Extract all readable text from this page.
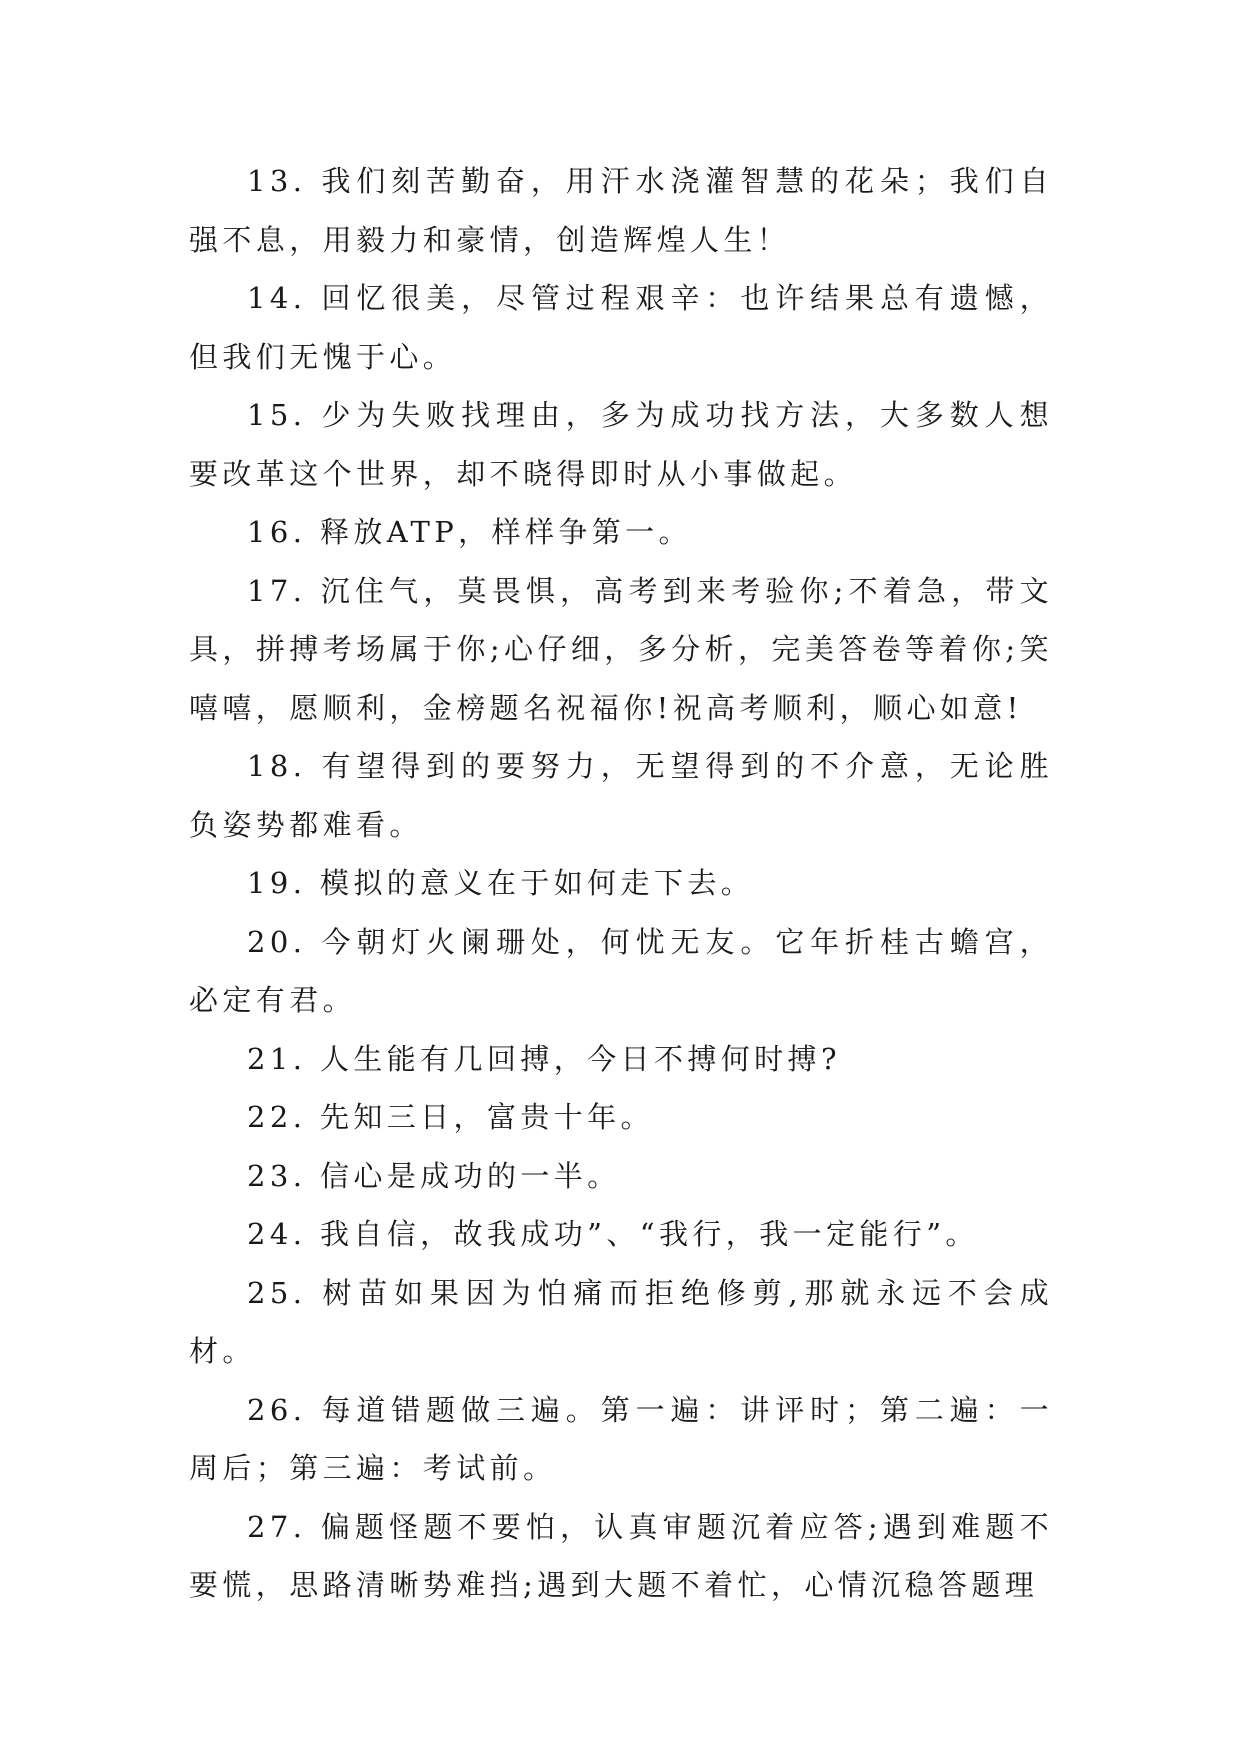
13. 我们刻苦勤奋，用汗水浇灌智慧的花朵；我们自强不息，用毅力和豪情，创造辉煌人生！

14. 回忆很美，尽管过程艰辛：也许结果总有遗憾，但我们无愧于心。

15. 少为失败找理由，多为成功找方法，大多数人想要改革这个世界，却不晓得即时从小事做起。

16. 释放ATP，样样争第一。

17. 沉住气，莫畏惧，高考到来考验你;不着急，带文具，拼搏考场属于你;心仔细，多分析，完美答卷等着你;笑嘻嘻，愿顺利，金榜题名祝福你!祝高考顺利，顺心如意!

18. 有望得到的要努力，无望得到的不介意，无论胜负姿势都难看。

19. 模拟的意义在于如何走下去。

20. 今朝灯火阑珊处，何忧无友。它年折桂古蟾宫，必定有君。

21. 人生能有几回搏，今日不搏何时搏?

22. 先知三日，富贵十年。

23. 信心是成功的一半。

24. 我自信，故我成功”、“我行，我一定能行”。

25. 树苗如果因为怕痛而拒绝修剪,那就永远不会成材。

26. 每道错题做三遍。第一遍：讲评时；第二遍：一周后；第三遍：考试前。

27. 偏题怪题不要怕，认真审题沉着应答;遇到难题不要慌，思路清晰势难挡;遇到大题不着忙，心情沉稳答题理
